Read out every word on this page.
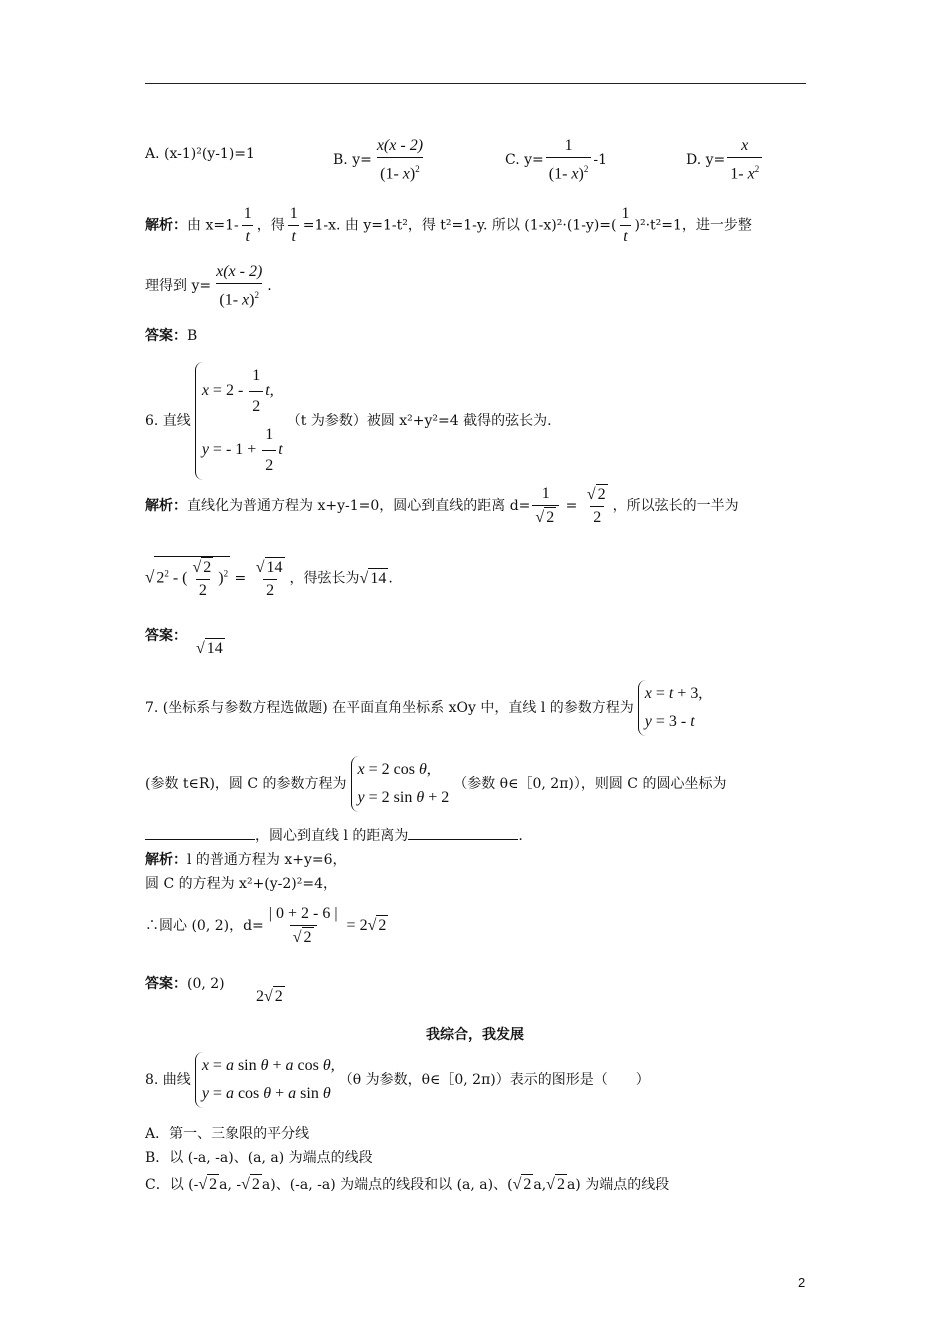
A. (x-1)²(y-1)=1	B. $y= \frac{x(x - 2)}{(1- x)^2}$	C. $y= \frac{1}{(1- x)^2} -1$	D. $y= \frac{x}{1- x^2}$
解析：由 $x=1- \frac{1}{t}$ ，得 $\frac{1}{t} =1-x$. 由 y=1-t²，得 t²=1-y. 所以 $(1-x)^2\cdot(1-y)=( \frac{1}{t} )^2\cdot t^2=1$，进一步整
理得到 $y= \frac{x(x - 2)}{(1- x)^2}$ .
答案：B
6. 直线
$x = 2 - \frac{1}{2} t$,
y = - $1 + \frac{1}{2}$ t
（t 为参数）被圆 x²+y²=4 截得的弦长为.
解析：直线化为普通方程为 x+y-1=0，圆心到直线的距离 $d= \frac{1}{√ 2} = \frac{√ 2}{2}$ ，所以弦长的一半为
√ $2^2$ - ( $\frac{√ 2}{2} )^2 = \frac{√ 14}{2}$ ，得弦长为√ 14 .
答案：
√ 14
7. (坐标系与参数方程选做题) 在平面直角坐标系 xOy 中，直线 l 的参数方程为
x = t + 3,
y = 3 - t
(参数 t∈R)，圆 C 的参数方程为
x = 2 cos θ,
y = 2 sin θ + 2
（参数 θ∈［0, 2π)），则圆 C 的圆心坐标为
，圆心到直线 l 的距离为	.
解析：l 的普通方程为 x+y=6，
圆 C 的方程为 x²+(y-2)²=4，
∴圆心 (0, 2)，$d= \frac{| 0 + 2 - 6 |}{√ 2} = 2√$ 2
答案：(0, 2)
2√ 2
我综合，我发展
8. 曲线
x = a sin θ + a cos θ,
y = a cos θ + a sin θ
（θ 为参数，θ∈［0, 2π)）表示的图形是（　　）
A．第一、三象限的平分线
B．以 (-a, -a)、(a, a) 为端点的线段
C．以 (-√ 2 a, -√ 2 a)、(-a, -a) 为端点的线段和以 (a, a)、(√ 2 a,√ 2 a) 为端点的线段
2
